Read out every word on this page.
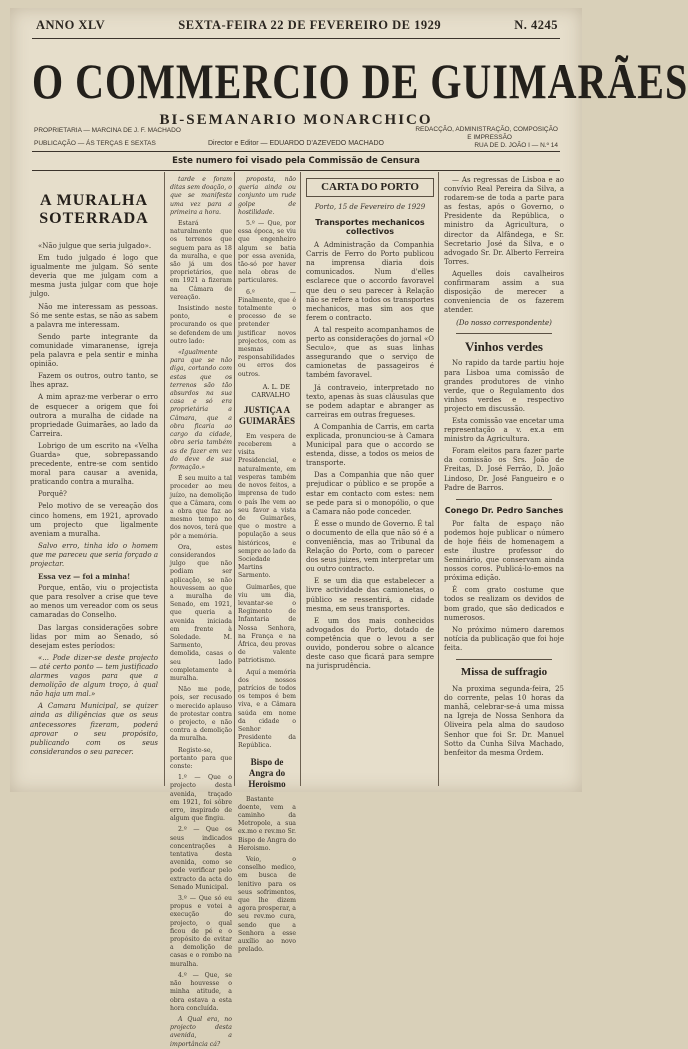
ANNO XLV	SEXTA-FEIRA 22 DE FEVEREIRO DE 1929	N. 4245
O COMMERCIO DE GUIMARÃES
BI-SEMANARIO MONARCHICO
PROPRIETARIA — MARCINA DE J. F. MACHADO
PUBLICAÇÃO — ÁS TERÇAS E SEXTAS	Director e Editor — EDUARDO D'AZEVEDO MACHADO
REDACÇÃO, ADMINISTRAÇÃO, COMPOSIÇÃO
E IMPRESSÃO
RUA DE D. JOÃO I — N.º 14
Este numero foi visado pela Commissão de Censura
A MURALHA SOTERRADA

«Não julgue que seria julgado».

Em tudo julgado é logo que igualmente me julgam. Só sente deveria que me julgam com a mesma justa julgar com que hoje julgo.

Não me interessam as pessoas. Só me sente estas, se não as sabem a palavra me interessam.

Sendo parte integrante da comunidade vimaranense, igreja pela palavra e pela sentir e minha opinião.

Fazem os outros, outro tanto, se lhes apraz.

A mim apraz-me verberar o erro de esquecer a origem que foi outrora a muralha de cidade na propriedade Guimarães, ao lado da Carreira.

Lobrigo de um escrito na «Velha Guarda» que, sobrepassando precedente, entre-se com sentido moral para causar a avenida, praticando contra a muralha.

Porquê?

Pelo motivo de se vereação dos cinco homens, em 1921, aprovado um projecto que ligalmente aveniam a muralha.

Salvo erro, tinha ido o homem que me pareceu que seria forçado a projectar.

Essa vez — foi a minha!

Porque, então, viu o projectista que para resolver a crise que teve ao menos um vereador com os seus camaradas do Conselho.

Das largas considerações sobre lidas por mim ao Senado, só desejam estes períodos:

«... Pode dizer-se deste projecto — até certo ponto — tem justificado alarmes vagos para que a demolição de algum troço, à qual não haja um mal.»

A Camara Municipal, se quizer ainda as diligências que os seus antecessores fizeram, poderá aprovar o seu propósito, publicando com os seus considerandos o seu parecer.

tarde e foram ditas sem doação, o que se manifesta uma vez para a primeira a hora.

Estará naturalmente que os terrenos que seguem para as 18 da muralha, e que são já um dos proprietários, que em 1921 a fizeram na Câmara de vereação.

Insistindo neste ponto, e procurando os que se defendem de um outro lado:

«Igualmente para que se não diga, cortando com estas que os terrenos são tão absurdos na sua casa e só era proprietária a Câmara, que a obra ficaria ao cargo da cidade, obra seria também as de fazer em vez do deve de sua formação.»

É seu muito a tal proceder ao meu juízo, na demolição que a Câmara, com a obra que faz ao mesmo tempo no dos novos, terá que pôr a memória.

Ora, estes considerandos julgo que não podiam ser aplicação, se não houvessem ao que a muralha de Senado, em 1921, que queria a avenida iniciada em frente à Soledade. M. Sarmento, demolida, casas o seu lado completamente a muralha.

Não me pode, pois, ser recusado o merecido aplauso de protestar contra o projecto, e não contra a demolição da muralha.

Registe-se, portanto para que conste:

1.º — Que o projecto desta avenida, traçado em 1921, foi sôbre erro, inspirado de algum que fingiu.

2.º — Que os seus indicados concentrações a tentativa desta avenida, como se pode verificar pelo extracto da acta do Senado Municipal.

3.º — Que só eu propus e votei a execução do projecto, o qual ficou de pé e o propósito de evitar a demolição de casas e o rombo na muralha.

4.º — Que, se não houvesse o minha atitude, a obra estava a esta hora concluída.

A Qual era, no projecto desta avenida, a importância cá?

CARTA DO PORTO

Porto, 15 de Fevereiro de 1929

Transportes mechanicos collectivos

A Administração da Companhia Carris de Ferro do Porto publicou na imprensa diaria dois comunicados. Num d'elles esclarece que o accordo favoravel que deu o seu parecer à Relação não se refere a todos os transportes mechanicos, mas sim aos que ferem o contracto.

A tal respeito acompanhamos de perto as considerações do jornal «O Seculo», que as suas linhas assegurando que o serviço de camionetas de passageiros é também favoravel.

Já contraveio, interpretado no texto, apenas às suas cláusulas que se podem adaptar e abranger as carreiras em outras fregueses.

A Companhia de Carris, em carta explicada, pronunciou-se à Camara Municipal para que o accordo se estenda, disse, a todos os meios de transporte.

Das a Companhia que não quer prejudicar o público e se propõe a estar em contacto com estes: nem se pede para si o monopólio, o que a Camara não pode conceder.

É esse o mundo de Governo. É tal o documento de ella que não só é a conveniência, mas ao Tribunal da Relação do Porto, com o parecer dos seus juizes, vem interpretar um ou outro contracto.

E se um dia que estabelecer a livre actividade das camionetas, o público se ressentirá, a cidade mesma, em seus transportes.

E um dos mais conhecidos advogados do Porto, dotado de competência que o levou a ser ouvido, ponderou sobre o alcance deste caso que ficará para sempre na jurisprudência.

— As regressas de Lisboa e ao convívio Real Pereira da Silva, a rodarem-se de toda a parte para as festas, após o Governo, o Presidente da República, o ministro da Agricultura, o director da Alfândega, e Sr. Secretario José da Silva, e o advogado Sr. Dr. Alberto Ferreira Torres.

Aquelles dois cavalheiros confirmaram assim a sua disposição de merecer a conveniencia de os fazerem atender.

(Do nosso correspondente)
Vinhos verdes

No rapido da tarde partiu hoje para Lisboa uma comissão de grandes produtores de vinho verde, que o Regulamento dos vinhos verdes e respectivo projecto em discussão.

Esta comissão vae encetar uma representação a v. ex.a em ministro da Agricultura.

Foram eleitos para fazer parte da comissão os Srs. João de Freitas, D. José Ferrão, D. João Lindoso, Dr. José Fangueiro e o Padre de Barros.

Conego Dr. Pedro Sanches

Por falta de espaço não podemos hoje publicar o número de hoje fiéis de homenagem a este ilustre professor do Seminário, que conservam ainda nossos coros. Publicá-lo-emos na próxima edição.

É com grato costume que todos se realizam os devidos de bom grado, que são dedicados e numerosos.

No próximo número daremos notícia da publicação que foi hoje feita.

Missa de suffragio

Na proxima segunda-feira, 25 do corrente, pelas 10 horas da manhã, celebrar-se-á uma missa na Igreja de Nossa Senhora da Oliveira pela alma do saudoso Senhor que foi Sr. Dr. Manuel Sotto da Cunha Silva Machado, benfeitor da mesma Ordem.

proposta, não queria ainda ou conjunto um rude golpe de hostilidade.

5.º — Que, por essa época, se viu que engenheiro algum se batia por essa avenida, tão-só por haver nela obras de particulares.

6.º — Finalmente, que é totalmente o processo de se pretender justificar novos projectos, com as mesmas responsabilidades ou erros dos outros.

A. L. DE CARVALHO
JUSTIÇA A GUIMARÃES

Em vespera de receberem a visita Presidencial, e naturalmente, em vesperas também de novos feitos, a imprensa de tudo o país lhe vem ao seu favor a vista de Guimarães, que o mostre a população a seus históricos, e sempre ao lado da Sociedade Martins Sarmento.

Guimarães, que viu um dia, levantar-se o Regimento de Infantaria de Nossa Senhora, na França e na África, deu provas de valente patriotismo.

Aquí a memória dos nossos patrícios de todos os tempos é bem viva, e a Câmara saúda em nome da cidade o Senhor Presidente da República.

Bispo de Angra do Heroismo

Bastante doente, vem a caminho da Metropole, a sua ex.mo e rev.mo Sr. Bispo de Angra do Heroismo.

Veio, o conselho medico, em busca de lenitivo para os seus sofrimentos, que lhe dizem agora prosperar, a seu rev.mo cura, sendo que a Senhora a esse auxílio ao novo prelado.
